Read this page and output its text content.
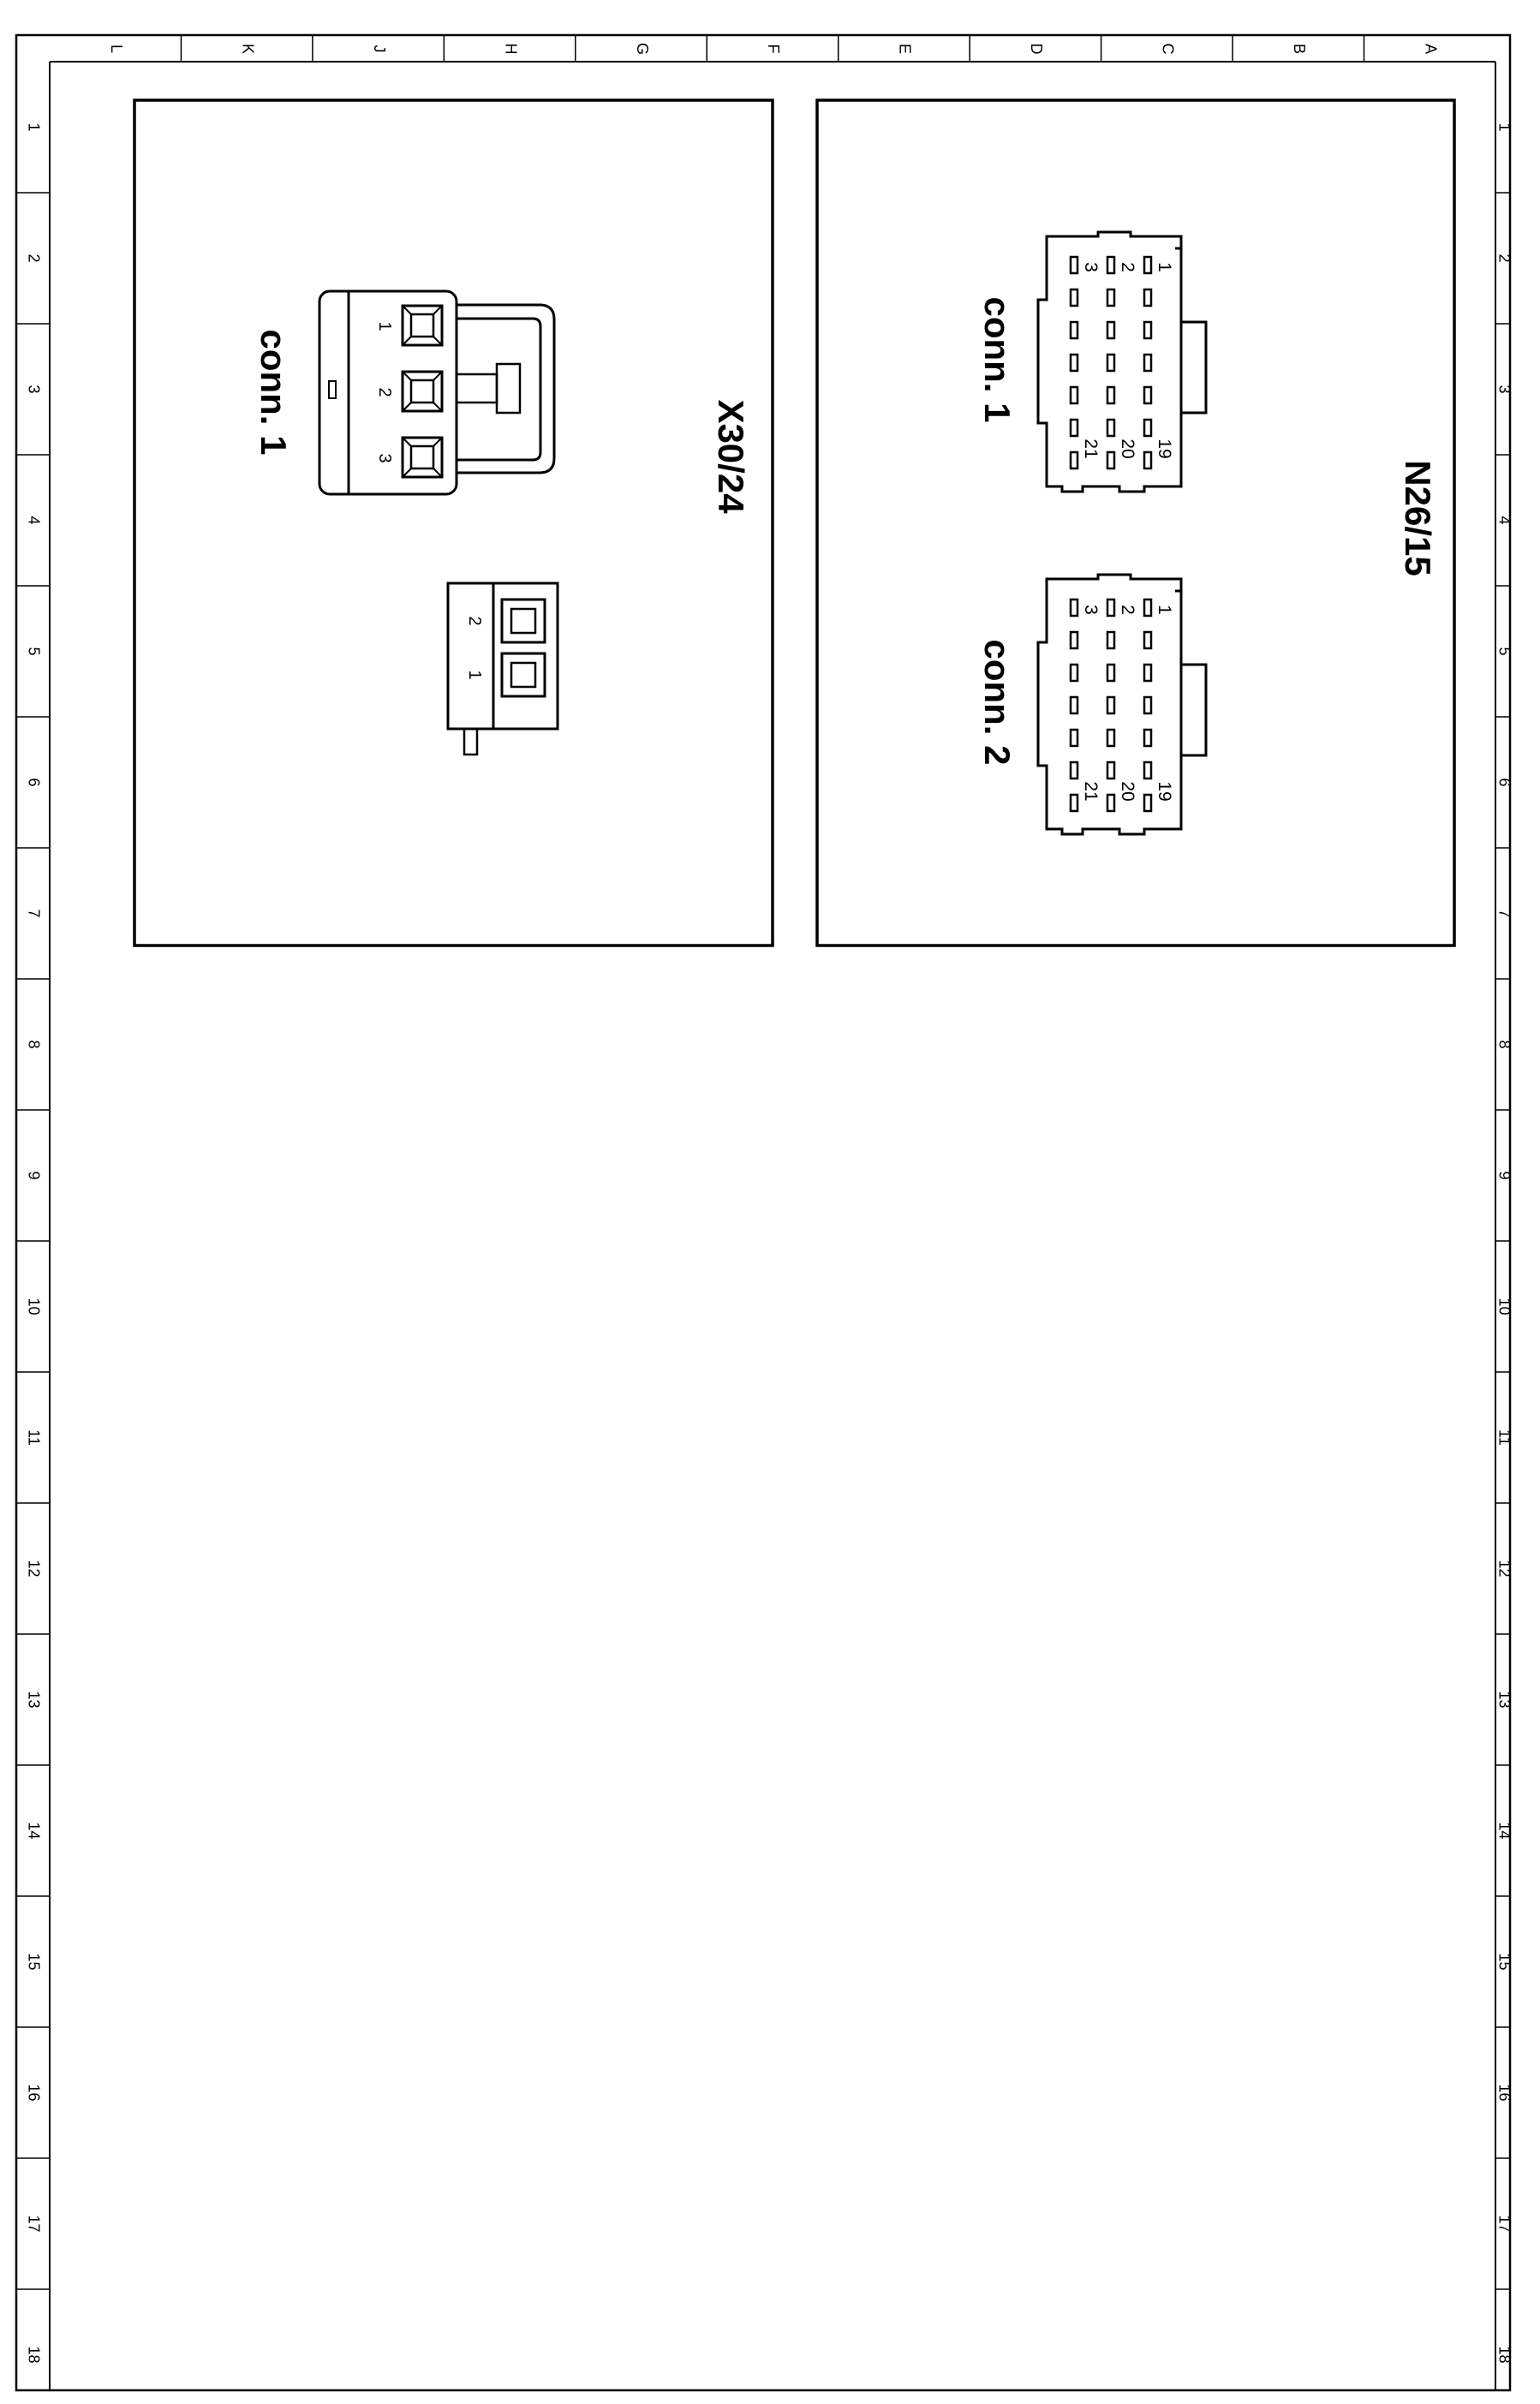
L	K	J	H	G	F	E	D	C	B	A
1
2
3
4
5
6
7
8
9
10
11
12
13
14
15
16
17
18
1
2
3
4
5
6
7
8
9
10
11
12
13
14
15
16
17
18
X30/24
conn. 1
1
2
3
2
1
N26/15
conn. 1
conn. 2
3 2 1
21 20 19
3 2 1
21 20 19
